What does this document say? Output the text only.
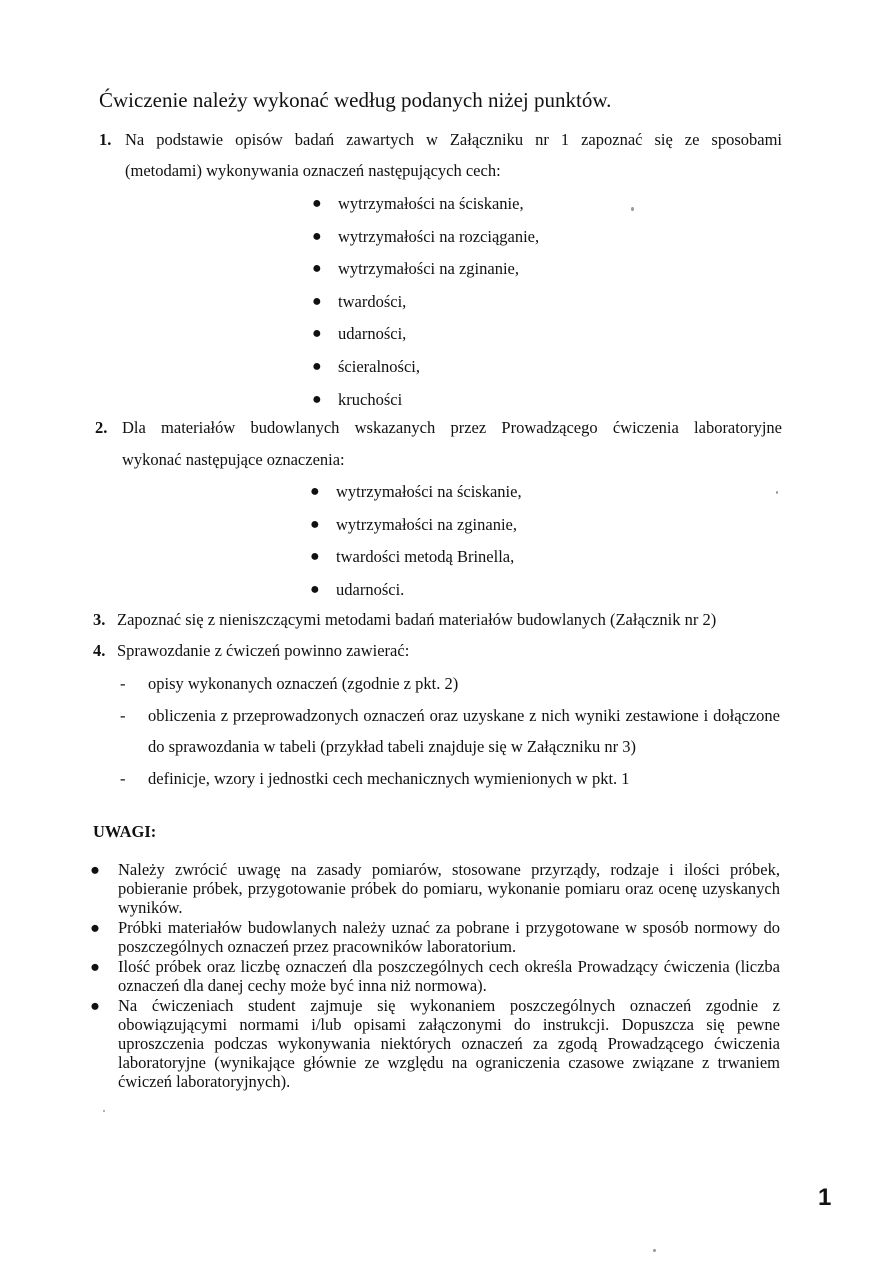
Ćwiczenie należy wykonać według podanych niżej punktów.
1. Na podstawie opisów badań zawartych w Załączniku nr 1 zapoznać się ze sposobami
(metodami) wykonywania oznaczeń następujących cech:
● wytrzymałości na ściskanie,
● wytrzymałości na rozciąganie,
● wytrzymałości na zginanie,
● twardości,
● udarności,
● ścieralności,
● kruchości
2. Dla materiałów budowlanych wskazanych przez Prowadzącego ćwiczenia laboratoryjne
wykonać następujące oznaczenia:
● wytrzymałości na ściskanie,
● wytrzymałości na zginanie,
● twardości metodą Brinella,
● udarności.
3. Zapoznać się z nieniszczącymi metodami badań materiałów budowlanych (Załącznik nr 2)
4. Sprawozdanie z ćwiczeń powinno zawierać:
- opisy wykonanych oznaczeń (zgodnie z pkt. 2)
- obliczenia z przeprowadzonych oznaczeń oraz uzyskane z nich wyniki zestawione i dołączone do sprawozdania w tabeli (przykład tabeli znajduje się w Załączniku nr 3)
- definicje, wzory i jednostki cech mechanicznych wymienionych w pkt. 1
UWAGI:
● Należy zwrócić uwagę na zasady pomiarów, stosowane przyrządy, rodzaje i ilości próbek, pobieranie próbek, przygotowanie próbek do pomiaru, wykonanie pomiaru oraz ocenę uzyskanych wyników.
● Próbki materiałów budowlanych należy uznać za pobrane i przygotowane w sposób normowy do poszczególnych oznaczeń przez pracowników laboratorium.
● Ilość próbek oraz liczbę oznaczeń dla poszczególnych cech określa Prowadzący ćwiczenia (liczba oznaczeń dla danej cechy może być inna niż normowa).
● Na ćwiczeniach student zajmuje się wykonaniem poszczególnych oznaczeń zgodnie z obowiązującymi normami i/lub opisami załączonymi do instrukcji. Dopuszcza się pewne uproszczenia podczas wykonywania niektórych oznaczeń za zgodą Prowadzącego ćwiczenia laboratoryjne (wynikające głównie ze względu na ograniczenia czasowe związane z trwaniem ćwiczeń laboratoryjnych).
1
